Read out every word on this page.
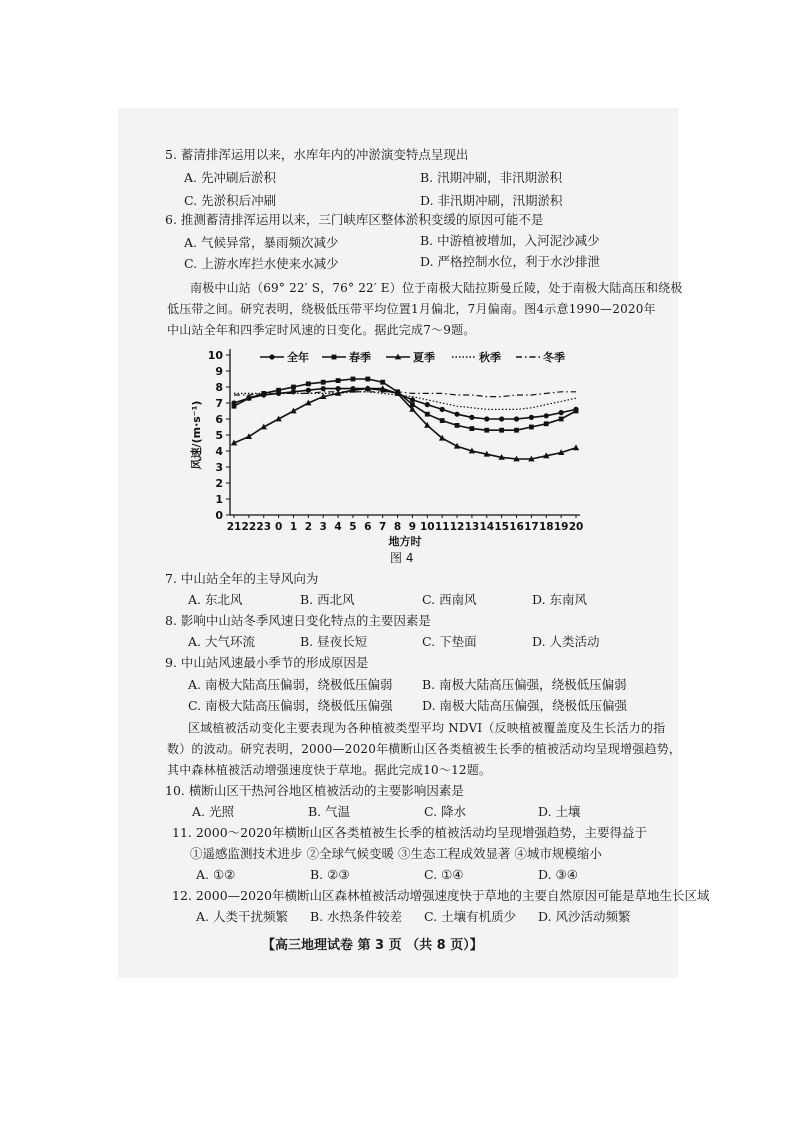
5. 蓄清排浑运用以来，水库年内的冲淤演变特点呈现出
A. 先冲刷后淤积	B. 汛期冲刷，非汛期淤积
C. 先淤积后冲刷	D. 非汛期冲刷，汛期淤积
6. 推测蓄清排浑运用以来，三门峡库区整体淤积变缓的原因可能不是
A. 气候异常，暴雨频次减少	B. 中游植被增加，入河泥沙减少
C. 上游水库拦水使来水减少	D. 严格控制水位，利于水沙排泄
南极中山站（69° 22′ S，76° 22′ E）位于南极大陆拉斯曼丘陵，处于南极大陆高压和绕极
低压带之间。研究表明，绕极低压带平均位置1月偏北，7月偏南。图4示意1990—2020年
中山站全年和四季定时风速的日变化。据此完成7～9题。
0
1
2
3
4
5
6
7
8
9
10
21 22 23 0 1 2 3 4 5 6 7 8 9 10 11 12 13 14 15 16 17 18 19 20
地方时
风速/(m·s⁻¹)
全年	春季	夏季	秋季	冬季
图 4
7. 中山站全年的主导风向为
A. 东北风	B. 西北风	C. 西南风	D. 东南风
8. 影响中山站冬季风速日变化特点的主要因素是
A. 大气环流	B. 昼夜长短	C. 下垫面	D. 人类活动
9. 中山站风速最小季节的形成原因是
A. 南极大陆高压偏弱，绕极低压偏弱 B. 南极大陆高压偏强，绕极低压偏弱
C. 南极大陆高压偏弱，绕极低压偏强 D. 南极大陆高压偏强，绕极低压偏强
区域植被活动变化主要表现为各种植被类型平均 NDVI（反映植被覆盖度及生长活力的指
数）的波动。研究表明，2000—2020年横断山区各类植被生长季的植被活动均呈现增强趋势，
其中森林植被活动增强速度快于草地。据此完成10～12题。
10. 横断山区干热河谷地区植被活动的主要影响因素是
A. 光照	B. 气温	C. 降水	D. 土壤
11. 2000～2020年横断山区各类植被生长季的植被活动均呈现增强趋势，主要得益于
①遥感监测技术进步 ②全球气候变暖 ③生态工程成效显著 ④城市规模缩小
A. ①②	B. ②③	C. ①④	D. ③④
12. 2000—2020年横断山区森林植被活动增强速度快于草地的主要自然原因可能是草地生长区域
A. 人类干扰频繁 B. 水热条件较差 C. 土壤有机质少 D. 风沙活动频繁
【高三地理试卷 第 3 页 （共 8 页）】
